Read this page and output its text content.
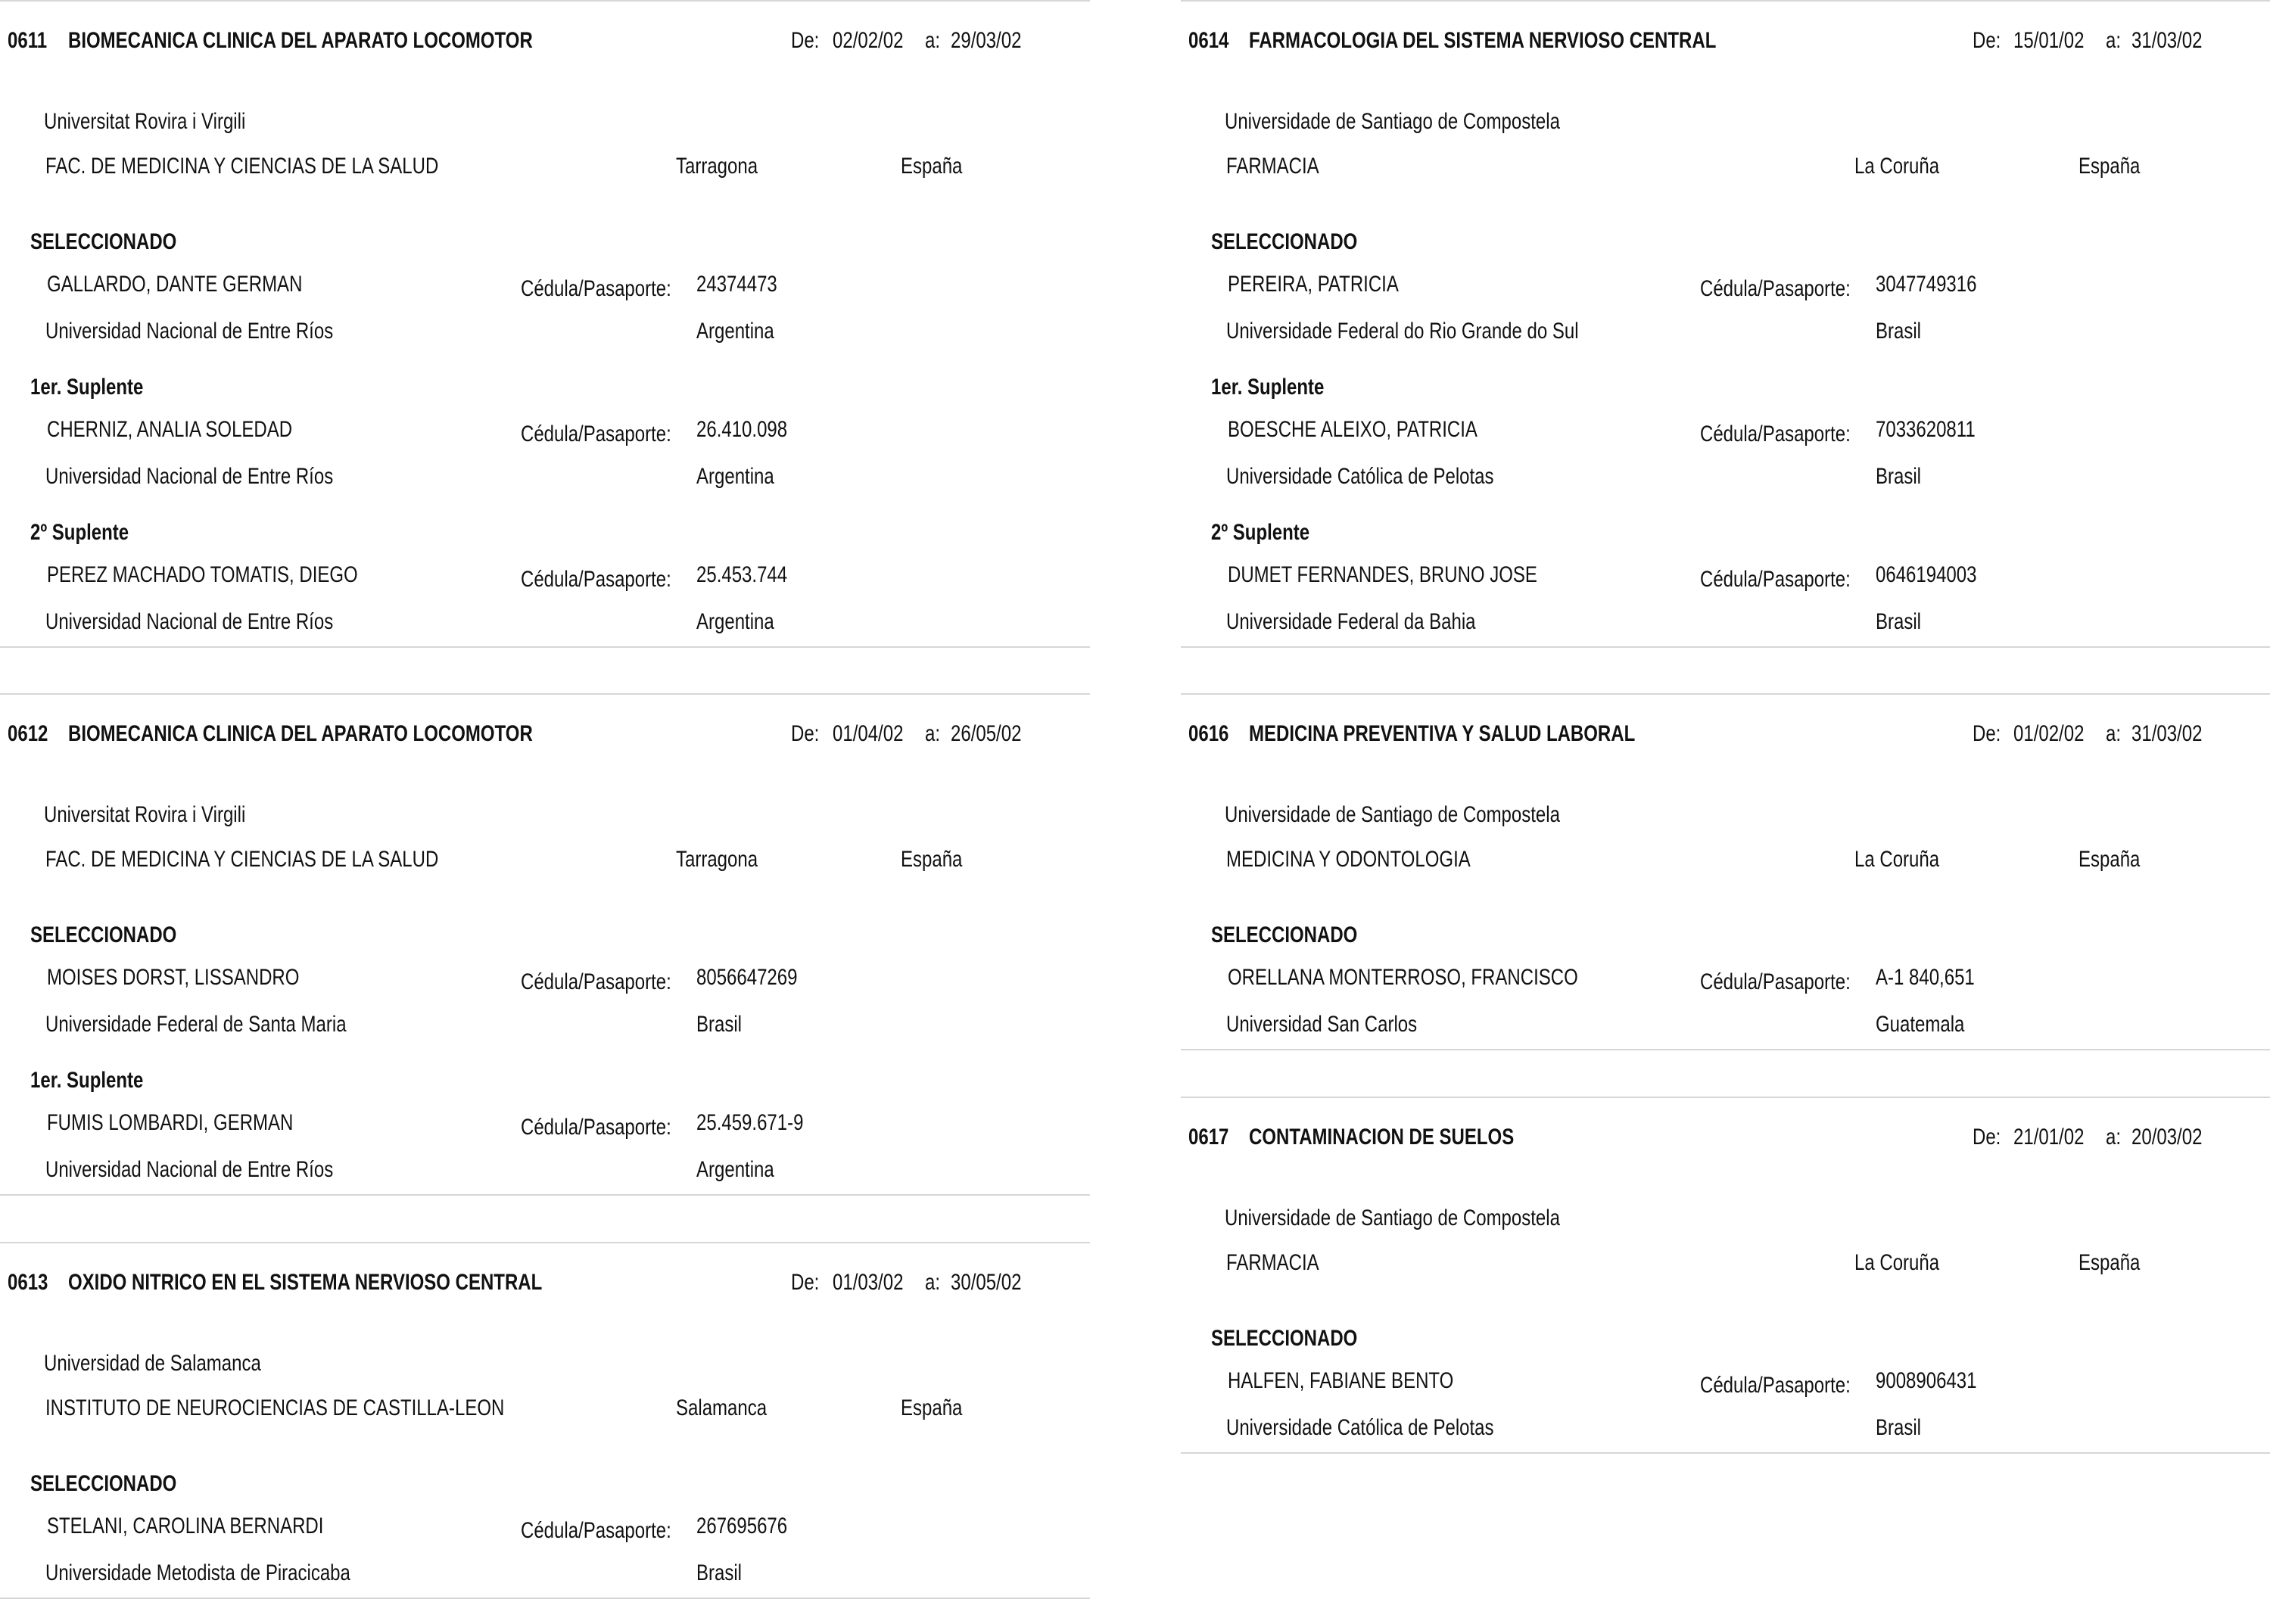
0611 BIOMECANICA CLINICA DEL APARATO LOCOMOTOR	De: 02/02/02 a: 29/03/02
Universitat Rovira i Virgili
FAC. DE MEDICINA Y CIENCIAS DE LA SALUD	Tarragona	España
SELECCIONADO
GALLARDO, DANTE GERMAN	Cédula/Pasaporte:	24374473
Universidad Nacional de Entre Ríos	Argentina
1er. Suplente
CHERNIZ, ANALIA SOLEDAD	Cédula/Pasaporte:	26.410.098
Universidad Nacional de Entre Ríos	Argentina
2º Suplente
PEREZ MACHADO TOMATIS, DIEGO	Cédula/Pasaporte:	25.453.744
Universidad Nacional de Entre Ríos	Argentina
0612 BIOMECANICA CLINICA DEL APARATO LOCOMOTOR	De: 01/04/02 a: 26/05/02
Universitat Rovira i Virgili
FAC. DE MEDICINA Y CIENCIAS DE LA SALUD	Tarragona	España
SELECCIONADO
MOISES DORST, LISSANDRO	Cédula/Pasaporte:	8056647269
Universidade Federal de Santa Maria	Brasil
1er. Suplente
FUMIS LOMBARDI, GERMAN	Cédula/Pasaporte:	25.459.671-9
Universidad Nacional de Entre Ríos	Argentina
0613 OXIDO NITRICO EN EL SISTEMA NERVIOSO CENTRAL	De: 01/03/02 a: 30/05/02
Universidad de Salamanca
INSTITUTO DE NEUROCIENCIAS DE CASTILLA-LEON	Salamanca	España
SELECCIONADO
STELANI, CAROLINA BERNARDI	Cédula/Pasaporte:	267695676
Universidade Metodista de Piracicaba	Brasil
0614 FARMACOLOGIA DEL SISTEMA NERVIOSO CENTRAL	De: 15/01/02 a: 31/03/02
Universidade de Santiago de Compostela
FARMACIA	La Coruña	España
SELECCIONADO
PEREIRA, PATRICIA	Cédula/Pasaporte:	3047749316
Universidade Federal do Rio Grande do Sul	Brasil
1er. Suplente
BOESCHE ALEIXO, PATRICIA	Cédula/Pasaporte:	7033620811
Universidade Católica de Pelotas	Brasil
2º Suplente
DUMET FERNANDES, BRUNO JOSE	Cédula/Pasaporte:	0646194003
Universidade Federal da Bahia	Brasil
0616 MEDICINA PREVENTIVA Y SALUD LABORAL	De: 01/02/02 a: 31/03/02
Universidade de Santiago de Compostela
MEDICINA Y ODONTOLOGIA	La Coruña	España
SELECCIONADO
ORELLANA MONTERROSO, FRANCISCO	Cédula/Pasaporte:	A-1 840,651
Universidad San Carlos	Guatemala
0617 CONTAMINACION DE SUELOS	De: 21/01/02 a: 20/03/02
Universidade de Santiago de Compostela
FARMACIA	La Coruña	España
SELECCIONADO
HALFEN, FABIANE BENTO	Cédula/Pasaporte:	9008906431
Universidade Católica de Pelotas	Brasil
